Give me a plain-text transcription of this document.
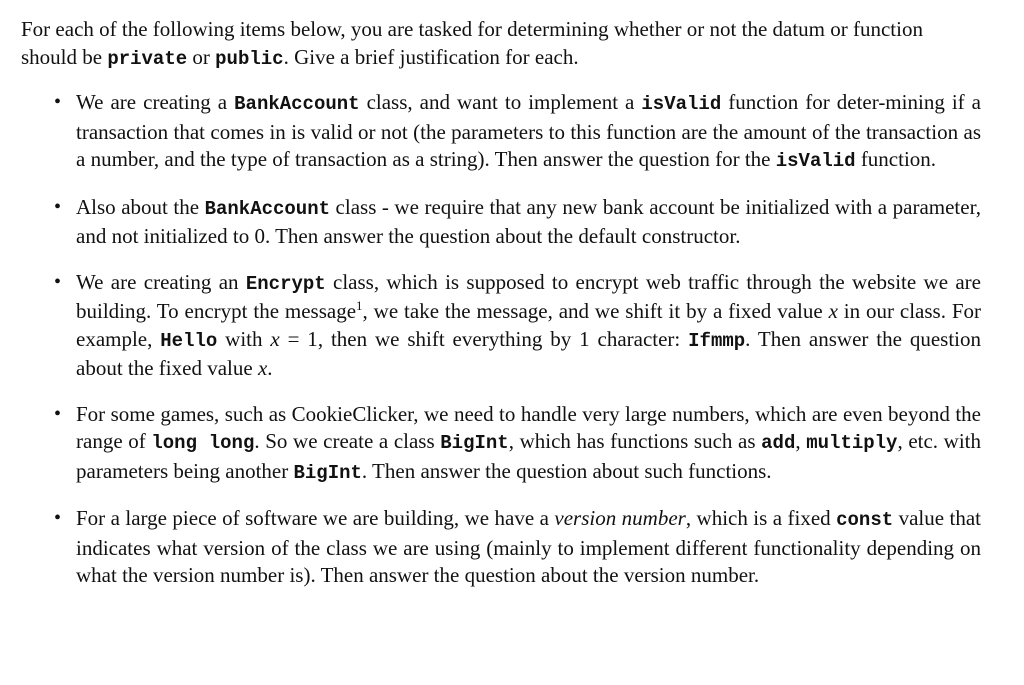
For each of the following items below, you are tasked for determining whether or not the datum or function should be private or public. Give a brief justification for each.

• We are creating a BankAccount class, and want to implement a isValid function for deter-mining if a transaction that comes in is valid or not (the parameters to this function are the amount of the transaction as a number, and the type of transaction as a string). Then answer the question for the isValid function.
• Also about the BankAccount class - we require that any new bank account be initialized with a parameter, and not initialized to 0. Then answer the question about the default constructor.
• We are creating an Encrypt class, which is supposed to encrypt web traffic through the website we are building. To encrypt the message$^1$, we take the message, and we shift it by a fixed value x in our class. For example, Hello with x = 1, then we shift everything by 1 character: Ifmmp. Then answer the question about the fixed value x.
• For some games, such as CookieClicker, we need to handle very large numbers, which are even beyond the range of long long. So we create a class BigInt, which has functions such as add, multiply, etc. with parameters being another BigInt. Then answer the question about such functions.
• For a large piece of software we are building, we have a version number, which is a fixed const value that indicates what version of the class we are using (mainly to implement different functionality depending on what the version number is). Then answer the question about the version number.
